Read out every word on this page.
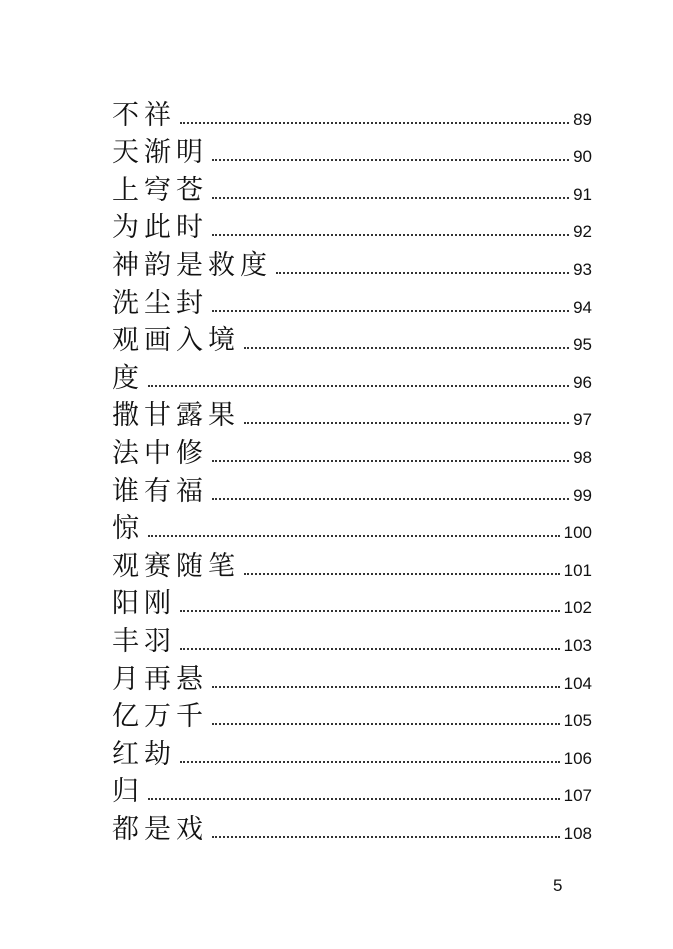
不祥	89
天渐明	90
上穹苍	91
为此时	92
神韵是救度	93
洗尘封	94
观画入境	95
度	96
撒甘露果	97
法中修	98
谁有福	99
惊	100
观赛随笔	101
阳刚	102
丰羽	103
月再悬	104
亿万千	105
红劫	106
归	107
都是戏	108
5
